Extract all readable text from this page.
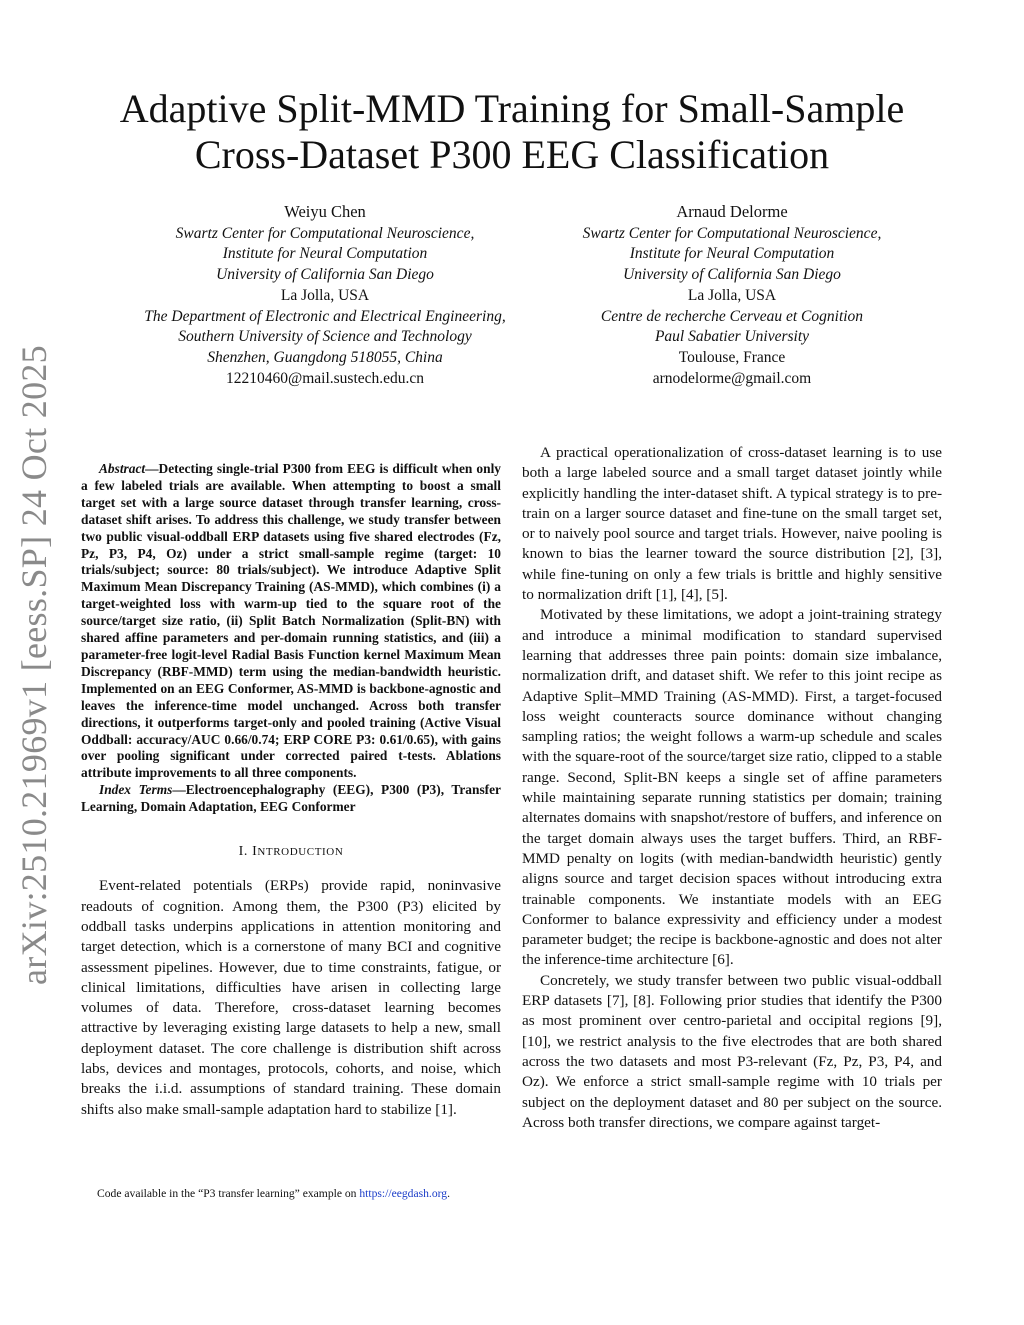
arXiv:2510.21969v1 [eess.SP] 24 Oct 2025
Adaptive Split-MMD Training for Small-Sample
Cross-Dataset P300 EEG Classification
Weiyu Chen
Swartz Center for Computational Neuroscience,
Institute for Neural Computation
University of California San Diego
La Jolla, USA
The Department of Electronic and Electrical Engineering,
Southern University of Science and Technology
Shenzhen, Guangdong 518055, China
12210460@mail.sustech.edu.cn
Arnaud Delorme
Swartz Center for Computational Neuroscience,
Institute for Neural Computation
University of California San Diego
La Jolla, USA
Centre de recherche Cerveau et Cognition
Paul Sabatier University
Toulouse, France
arnodelorme@gmail.com

Abstract—Detecting single-trial P300 from EEG is difficult when only a few labeled trials are available. When attempting to boost a small target set with a large source dataset through transfer learning, cross-dataset shift arises. To address this challenge, we study transfer between two public visual-oddball ERP datasets using five shared electrodes (Fz, Pz, P3, P4, Oz) under a strict small-sample regime (target: 10 trials/subject; source: 80 trials/subject). We introduce Adaptive Split Maximum Mean Discrepancy Training (AS-MMD), which combines (i) a target-weighted loss with warm-up tied to the square root of the source/target size ratio, (ii) Split Batch Normalization (Split-BN) with shared affine parameters and per-domain running statistics, and (iii) a parameter-free logit-level Radial Basis Function kernel Maximum Mean Discrepancy (RBF-MMD) term using the median-bandwidth heuristic. Implemented on an EEG Conformer, AS-MMD is backbone-agnostic and leaves the inference-time model unchanged. Across both transfer directions, it outperforms target-only and pooled training (Active Visual Oddball: accuracy/AUC 0.66/0.74; ERP CORE P3: 0.61/0.65), with gains over pooling significant under corrected paired t-tests. Ablations attribute improvements to all three components.

Index Terms—Electroencephalography (EEG), P300 (P3), Transfer Learning, Domain Adaptation, EEG Conformer

I. INTRODUCTION

Event-related potentials (ERPs) provide rapid, noninvasive readouts of cognition. Among them, the P300 (P3) elicited by oddball tasks underpins applications in attention monitoring and target detection, which is a cornerstone of many BCI and cognitive assessment pipelines. However, due to time constraints, fatigue, or clinical limitations, difficulties have arisen in collecting large volumes of data. Therefore, cross-dataset learning becomes attractive by leveraging existing large datasets to help a new, small deployment dataset. The core challenge is distribution shift across labs, devices and montages, protocols, cohorts, and noise, which breaks the i.i.d. assumptions of standard training. These domain shifts also make small-sample adaptation hard to stabilize [1].

Code available in the “P3 transfer learning” example on https://eegdash.org.

A practical operationalization of cross-dataset learning is to use both a large labeled source and a small target dataset jointly while explicitly handling the inter-dataset shift. A typical strategy is to pre-train on a larger source dataset and fine-tune on the small target set, or to naively pool source and target trials. However, naive pooling is known to bias the learner toward the source distribution [2], [3], while fine-tuning on only a few trials is brittle and highly sensitive to normalization drift [1], [4], [5].

Motivated by these limitations, we adopt a joint-training strategy and introduce a minimal modification to standard supervised learning that addresses three pain points: domain size imbalance, normalization drift, and dataset shift. We refer to this joint recipe as Adaptive Split–MMD Training (AS-MMD). First, a target-focused loss weight counteracts source dominance without changing sampling ratios; the weight follows a warm-up schedule and scales with the square-root of the source/target size ratio, clipped to a stable range. Second, Split-BN keeps a single set of affine parameters while maintaining separate running statistics per domain; training alternates domains with snapshot/restore of buffers, and inference on the target domain always uses the target buffers. Third, an RBF-MMD penalty on logits (with median-bandwidth heuristic) gently aligns source and target decision spaces without introducing extra trainable components. We instantiate models with an EEG Conformer to balance expressivity and efficiency under a modest parameter budget; the recipe is backbone-agnostic and does not alter the inference-time architecture [6].

Concretely, we study transfer between two public visual-oddball ERP datasets [7], [8]. Following prior studies that identify the P300 as most prominent over centro-parietal and occipital regions [9], [10], we restrict analysis to the five electrodes that are both shared across the two datasets and most P3-relevant (Fz, Pz, P3, P4, and Oz). We enforce a strict small-sample regime with 10 trials per subject on the deployment dataset and 80 per subject on the source. Across both transfer directions, we compare against target-
